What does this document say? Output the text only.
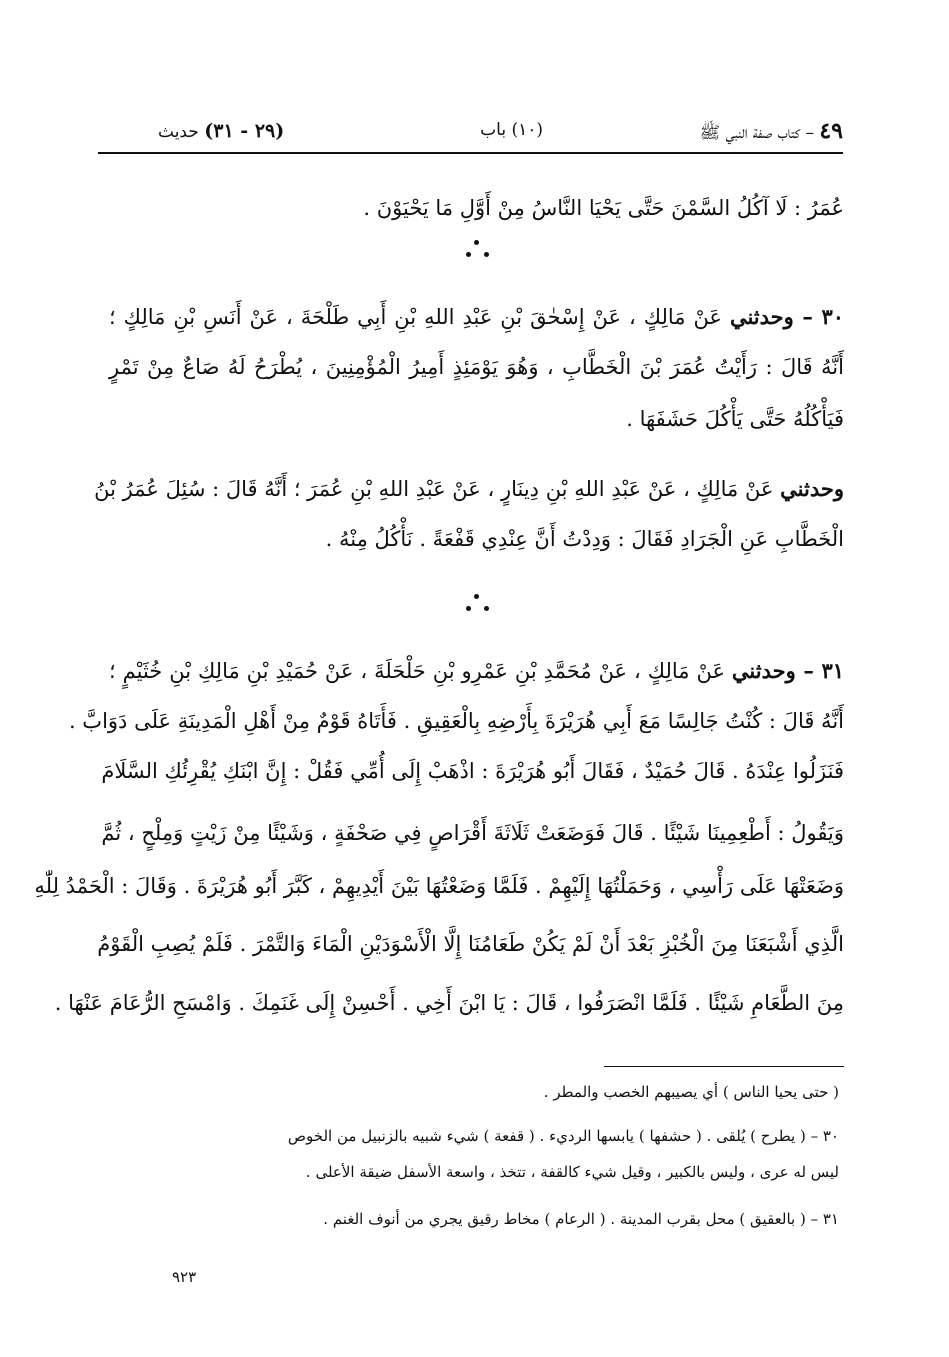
٤٩ – كتاب صفة النبي ﷺ
(١٠) باب
(٢٩ - ٣١) حديث
عُمَرُ : لَا آكُلُ السَّمْنَ حَتَّى يَحْيَا النَّاسُ مِنْ أَوَّلِ مَا يَحْيَوْنَ .
٣٠ – وحدثني عَنْ مَالِكٍ ، عَنْ إِسْحٰقَ بْنِ عَبْدِ اللهِ بْنِ أَبِي طَلْحَةَ ، عَنْ أَنَسِ بْنِ مَالِكٍ ؛
أَنَّهُ قَالَ : رَأَيْتُ عُمَرَ بْنَ الْخَطَّابِ ، وَهُوَ يَوْمَئِذٍ أَمِيرُ الْمُؤْمِنِينَ ، يُطْرَحُ لَهُ صَاعٌ مِنْ تَمْرٍ
فَيَأْكُلُهُ حَتَّى يَأْكُلَ حَشَفَهَا .
وحدثني عَنْ مَالِكٍ ، عَنْ عَبْدِ اللهِ بْنِ دِينَارٍ ، عَنْ عَبْدِ اللهِ بْنِ عُمَرَ ؛ أَنَّهُ قَالَ : سُئِلَ عُمَرُ بْنُ
الْخَطَّابِ عَنِ الْجَرَادِ فَقَالَ : وَدِدْتُ أَنَّ عِنْدِي قَفْعَةً . نَأْكُلُ مِنْهُ .
٣١ – وحدثني عَنْ مَالِكٍ ، عَنْ مُحَمَّدِ بْنِ عَمْرِو بْنِ حَلْحَلَةَ ، عَنْ حُمَيْدِ بْنِ مَالِكِ بْنِ خُثَيْمٍ ؛
أَنَّهُ قَالَ : كُنْتُ جَالِسًا مَعَ أَبِي هُرَيْرَةَ بِأَرْضِهِ بِالْعَقِيقِ . فَأَتَاهُ قَوْمٌ مِنْ أَهْلِ الْمَدِينَةِ عَلَى دَوَابَّ .
فَنَزَلُوا عِنْدَهُ . قَالَ حُمَيْدٌ ، فَقَالَ أَبُو هُرَيْرَةَ : اذْهَبْ إِلَى أُمِّي فَقُلْ : إِنَّ ابْنَكِ يُقْرِئُكِ السَّلَامَ
وَيَقُولُ : أَطْعِمِينَا شَيْئًا . قَالَ فَوَضَعَتْ ثَلَاثَةَ أَقْرَاصٍ فِي صَحْفَةٍ ، وَشَيْئًا مِنْ زَيْتٍ وَمِلْحٍ ، ثُمَّ
وَضَعَتْهَا عَلَى رَأْسِي ، وَحَمَلْتُهَا إِلَيْهِمْ . فَلَمَّا وَضَعْتُهَا بَيْنَ أَيْدِيهِمْ ، كَبَّرَ أَبُو هُرَيْرَةَ . وَقَالَ : الْحَمْدُ لِلّٰهِ
الَّذِي أَشْبَعَنَا مِنَ الْخُبْزِ بَعْدَ أَنْ لَمْ يَكُنْ طَعَامُنَا إِلَّا الْأَسْوَدَيْنِ الْمَاءَ وَالتَّمْرَ . فَلَمْ يُصِبِ الْقَوْمُ
مِنَ الطَّعَامِ شَيْئًا . فَلَمَّا انْصَرَفُوا ، قَالَ : يَا ابْنَ أَخِي . أَحْسِنْ إِلَى غَنَمِكَ . وَامْسَحِ الرُّعَامَ عَنْهَا .
( حتى يحيا الناس ) أي يصيبهم الخصب والمطر .
٣٠ – ( يطرح ) يُلقى . ( حشفها ) يابسها الرديء . ( قفعة ) شيء شبيه بالزنبيل من الخوص
ليس له عرى ، وليس بالكبير ، وقيل شيء كالقفة ، تتخذ ، واسعة الأسفل ضيقة الأعلى .
٣١ – ( بالعقيق ) محل بقرب المدينة . ( الرعام ) مخاط رقيق يجري من أنوف الغنم .
٩٢٣
